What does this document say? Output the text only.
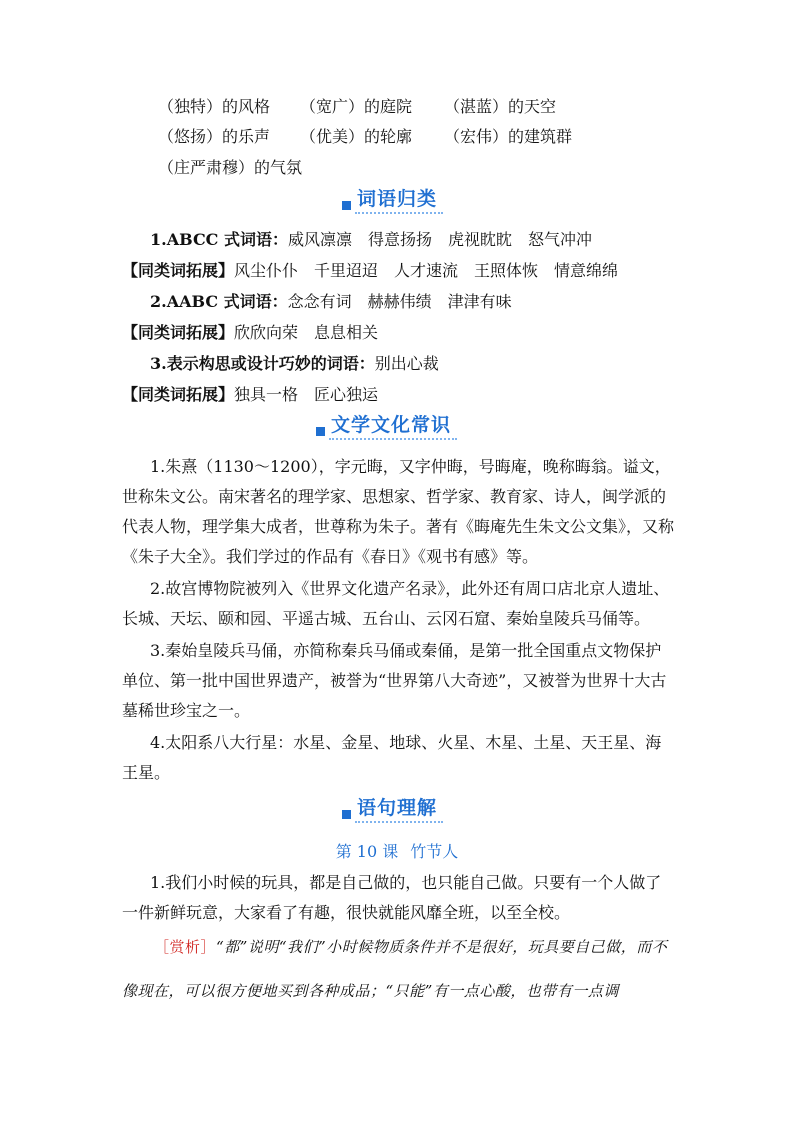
（独特）的风格 （宽广）的庭院 （湛蓝）的天空
（悠扬）的乐声 （优美）的轮廓 （宏伟）的建筑群
（庄严肃穆）的气氛
词语归类
1.ABCC 式词语：威风凛凛　得意扬扬　虎视眈眈　怒气冲冲
【同类词拓展】风尘仆仆　千里迢迢　人才速流　王照体恢　情意绵绵
2.AABC 式词语：念念有词　赫赫伟绩　津津有味
【同类词拓展】欣欣向荣　息息相关
3.表示构思或设计巧妙的词语：别出心裁
【同类词拓展】独具一格　匠心独运
文学文化常识

1.朱熹（1130～1200），字元晦，又字仲晦，号晦庵，晚称晦翁。谥文，世称朱文公。南宋著名的理学家、思想家、哲学家、教育家、诗人，闽学派的代表人物，理学集大成者，世尊称为朱子。著有《晦庵先生朱文公文集》，又称《朱子大全》。我们学过的作品有《春日》《观书有感》等。

2.故宫博物院被列入《世界文化遗产名录》，此外还有周口店北京人遗址、长城、天坛、颐和园、平遥古城、五台山、云冈石窟、秦始皇陵兵马俑等。

3.秦始皇陵兵马俑，亦简称秦兵马俑或秦俑，是第一批全国重点文物保护单位、第一批中国世界遗产，被誉为“世界第八大奇迹”，又被誉为世界十大古墓稀世珍宝之一。

4.太阳系八大行星：水星、金星、地球、火星、木星、土星、天王星、海王星。

语句理解
第 10 课 竹节人

1.我们小时候的玩具，都是自己做的，也只能自己做。只要有一个人做了一件新鲜玩意，大家看了有趣，很快就能风靡全班，以至全校。

［赏析］“都”说明“我们”小时候物质条件并不是很好，玩具要自己做，而不像现在，可以很方便地买到各种成品；“只能”有一点心酸，也带有一点调
